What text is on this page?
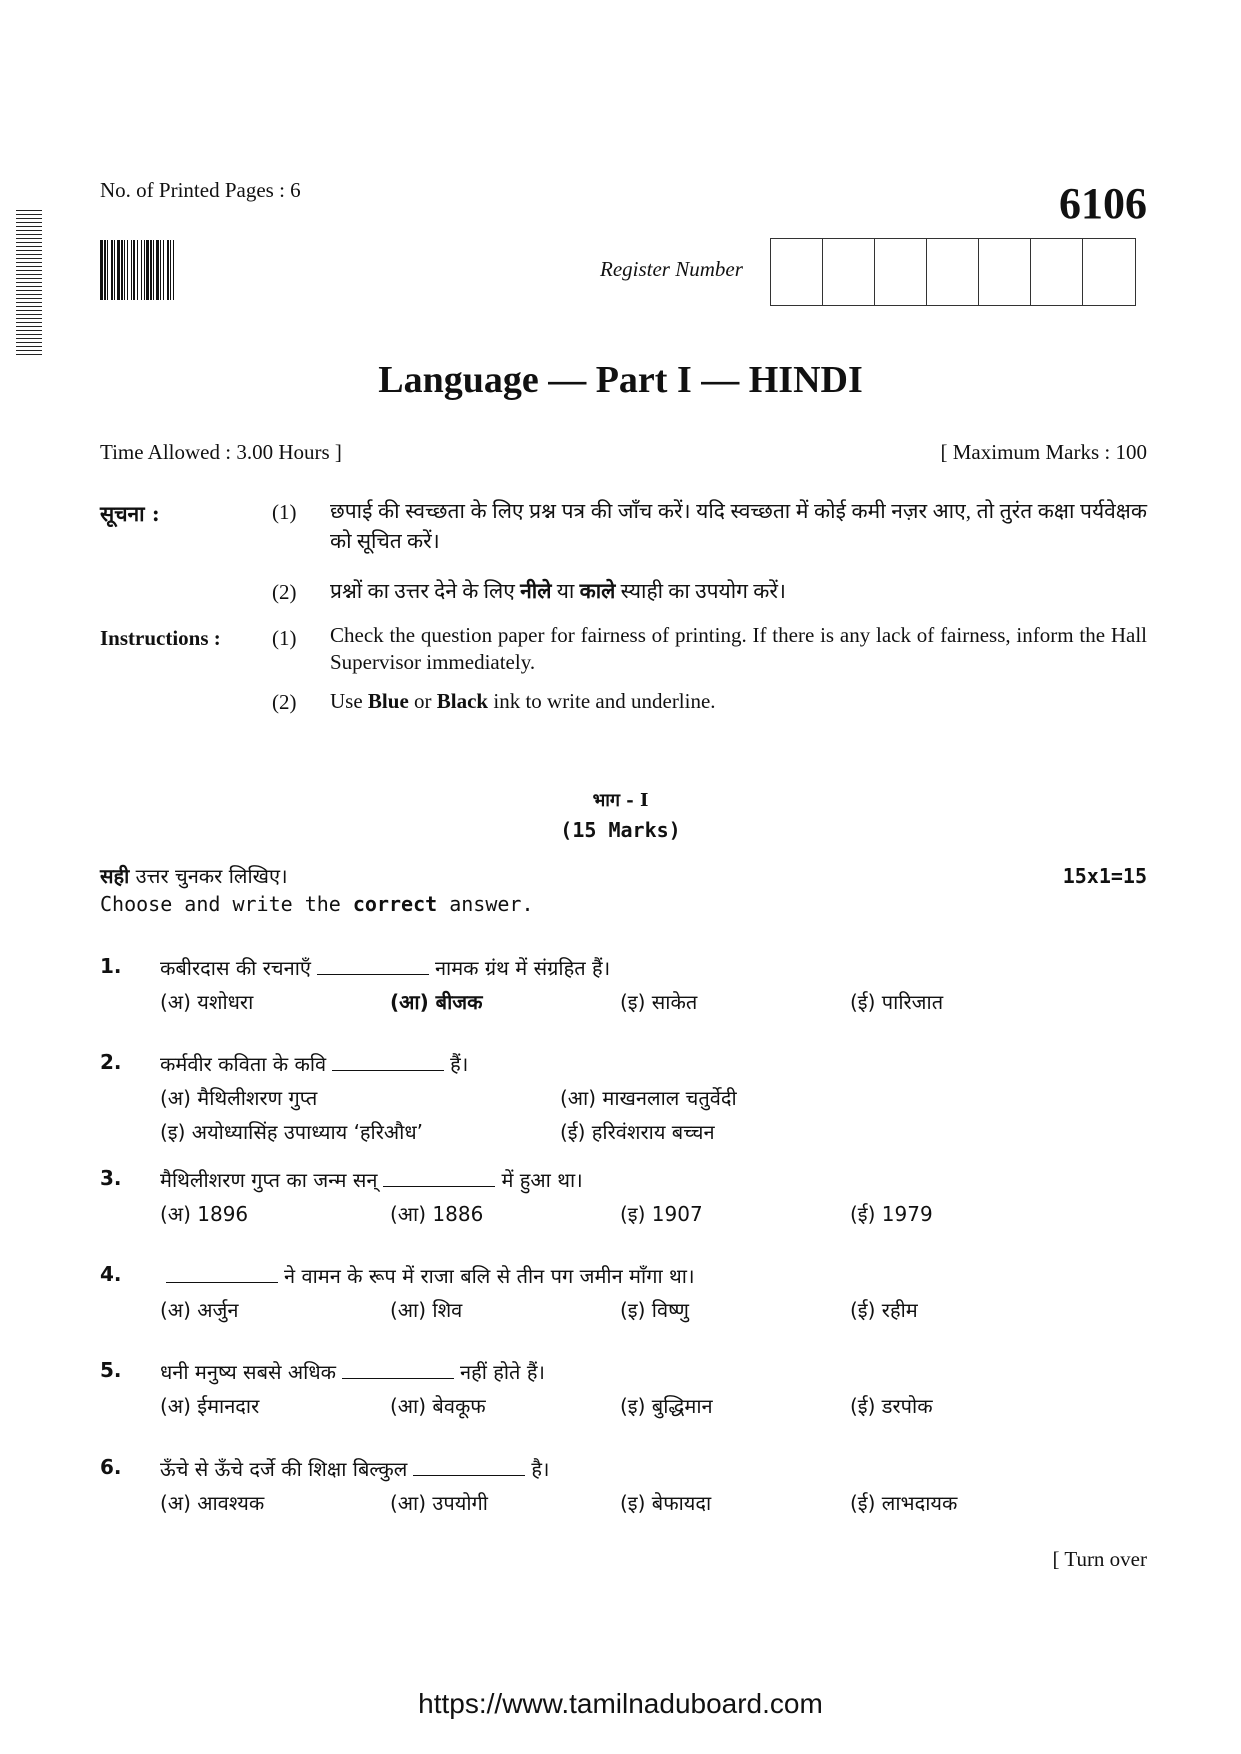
No. of Printed Pages : 6	6106
Register Number
Language — Part I — HINDI
Time Allowed : 3.00 Hours ]	[ Maximum Marks : 100
सूचना :	(1) छपाई की स्वच्छता के लिए प्रश्न पत्र की जाँच करें। यदि स्वच्छता में कोई कमी नज़र आए, तो तुरंत कक्षा पर्यवेक्षक को सूचित करें।
(2) प्रश्नों का उत्तर देने के लिए नीले या काले स्याही का उपयोग करें।
Instructions : (1) Check the question paper for fairness of printing. If there is any lack of fairness, inform the Hall Supervisor immediately.
(2) Use Blue or Black ink to write and underline.
भाग - I
(15 Marks)
सही उत्तर चुनकर लिखिए।	15x1=15
Choose and write the correct answer.
1. कबीरदास की रचनाएँ	नामक ग्रंथ में संग्रहित हैं।
(अ) यशोधरा	(आ) बीजक	(इ) साकेत	(ई) पारिजात
2. कर्मवीर कविता के कवि	हैं।
(अ) मैथिलीशरण गुप्त	(आ) माखनलाल चतुर्वेदी
(इ) अयोध्यासिंह उपाध्याय ‘हरिऔध’	(ई) हरिवंशराय बच्चन
3. मैथिलीशरण गुप्त का जन्म सन्	में हुआ था।
(अ) 1896	(आ) 1886	(इ) 1907	(ई) 1979
4.	ने वामन के रूप में राजा बलि से तीन पग जमीन माँगा था।
(अ) अर्जुन	(आ) शिव	(इ) विष्णु	(ई) रहीम
5. धनी मनुष्य सबसे अधिक	नहीं होते हैं।
(अ) ईमानदार	(आ) बेवकूफ	(इ) बुद्धिमान	(ई) डरपोक
6. ऊँचे से ऊँचे दर्जे की शिक्षा बिल्कुल	है।
(अ) आवश्यक	(आ) उपयोगी	(इ) बेफायदा	(ई) लाभदायक
[ Turn over
https://www.tamilnaduboard.com
